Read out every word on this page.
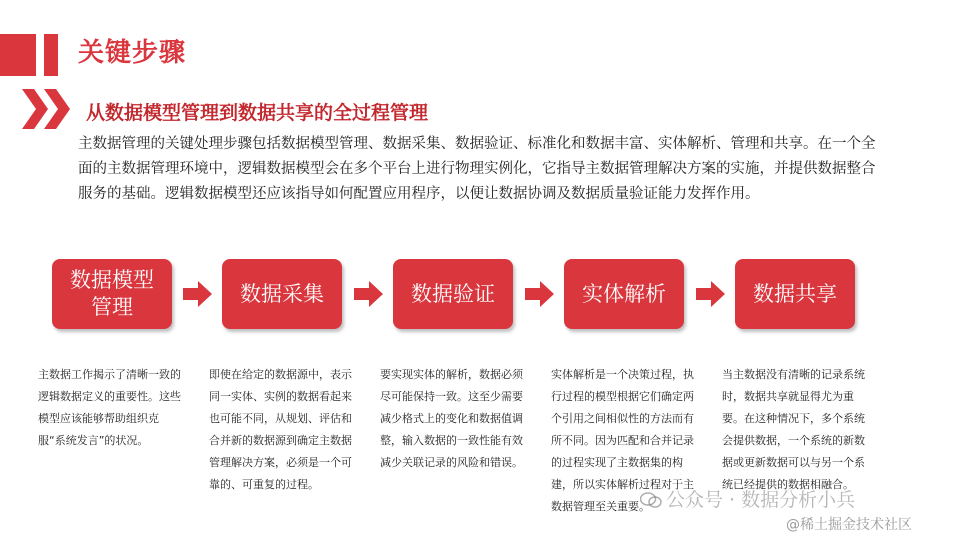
关键步骤
从数据模型管理到数据共享的全过程管理
主数据管理的关键处理步骤包括数据模型管理、数据采集、数据验证、标准化和数据丰富、实体解析、管理和共享。在一个全面的主数据管理环境中，逻辑数据模型会在多个平台上进行物理实例化，它指导主数据管理解决方案的实施，并提供数据整合服务的基础。逻辑数据模型还应该指导如何配置应用程序，以便让数据协调及数据质量验证能力发挥作用。
数据模型
管理
数据采集	数据验证	实体解析	数据共享
主数据工作揭示了清晰一致的逻辑数据定义的重要性。这些模型应该能够帮助组织克服“系统发言”的状况。
即使在给定的数据源中，表示同一实体、实例的数据看起来也可能不同，从规划、评估和合并新的数据源到确定主数据管理解决方案，必须是一个可靠的、可重复的过程。
要实现实体的解析，数据必须尽可能保持一致。这至少需要减少格式上的变化和数据值调整，输入数据的一致性能有效减少关联记录的风险和错误。
实体解析是一个决策过程，执行过程的模型根据它们确定两个引用之间相似性的方法而有所不同。因为匹配和合并记录的过程实现了主数据集的构建，所以实体解析过程对于主数据管理至关重要。
当主数据没有清晰的记录系统时，数据共享就显得尤为重要。在这种情况下，多个系统会提供数据，一个系统的新数据或更新数据可以与另一个系统已经提供的数据相融合。
公众号 · 数据分析小兵
@稀土掘金技术社区
